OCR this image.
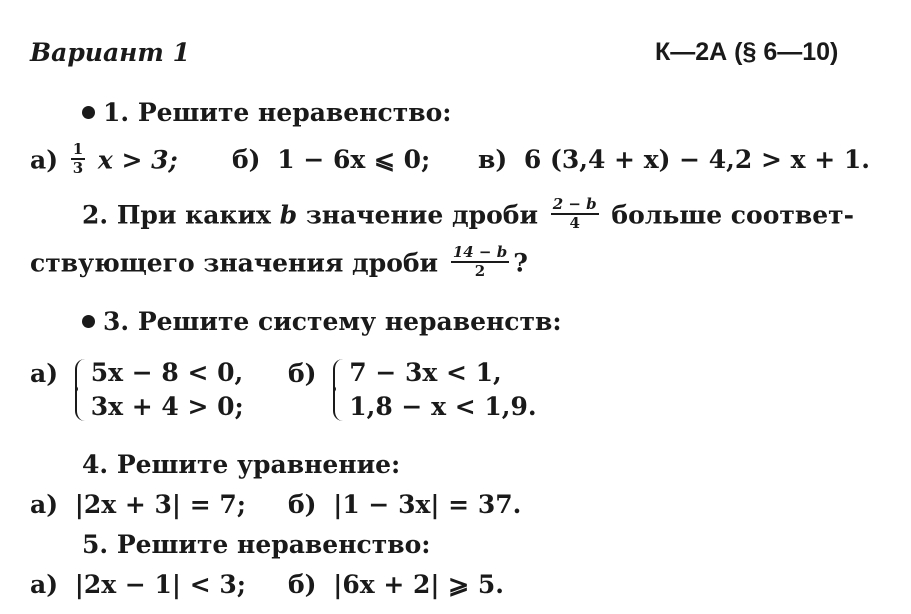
Вариант 1	К—2А (§ 6—10)
1. Решите неравенство:
$а) \frac{1}{3}$ x > 3; б) 1 − 6x ⩽ 0; в) 6 (3,4 + x) − 4,2 > x + 1.
2. При каких b значение дроби $\frac{2 - b}{4}$ больше соответ-
ствующего значения дроби $\frac{14 - b}{2}$ ?
3. Решите систему неравенств:
а) 5x − 8 < 0,
3x + 4 > 0;
б) 7 − 3x < 1,
1,8 − x < 1,9.
4. Решите уравнение:
а) |2x + 3| = 7; б) |1 − 3x| = 37.
5. Решите неравенство:
а) |2x − 1| < 3; б) |6x + 2| ⩾ 5.
